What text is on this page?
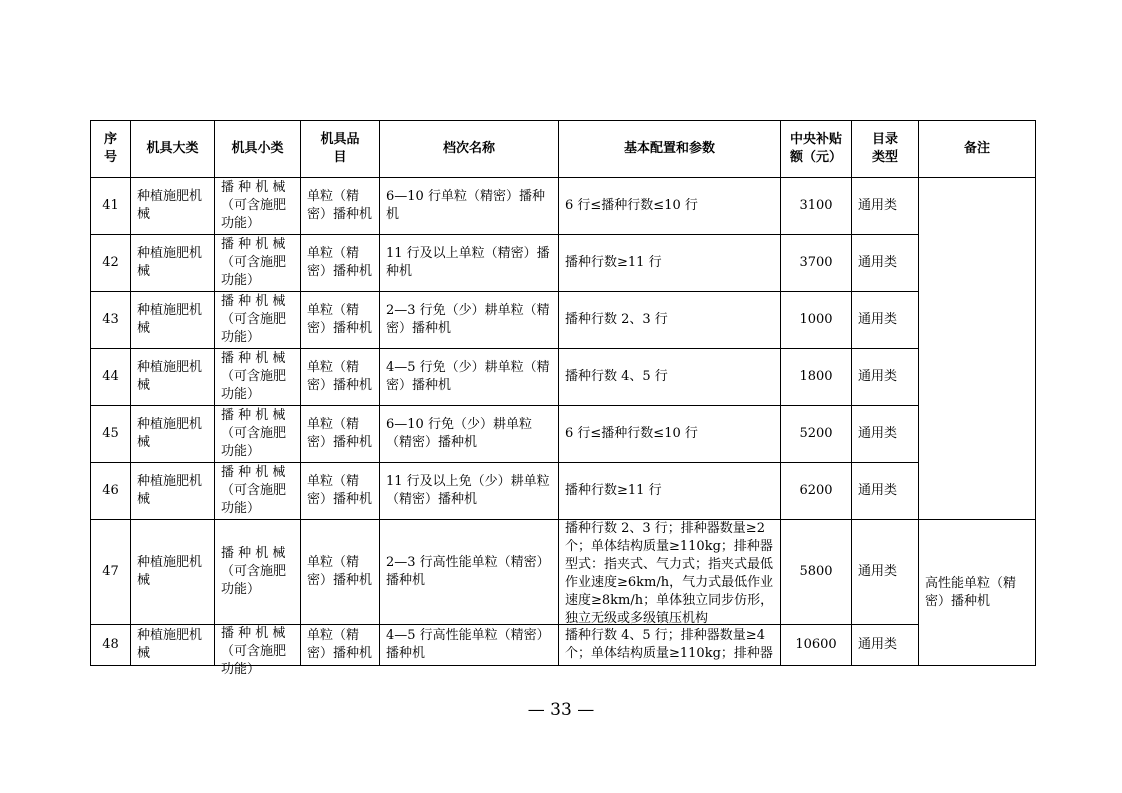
序号	机具大类	机具小类	机具品目	档次名称	基本配置和参数	中央补贴额（元）	目录类型	备注

41	种植施肥机械	播 种 机 械（可含施肥功能）	单粒（精密）播种机	6—10 行单粒（精密）播种机	6 行≤播种行数≤10 行	3100	通用类	

42	种植施肥机械	播 种 机 械（可含施肥功能）	单粒（精密）播种机	11 行及以上单粒（精密）播种机	播种行数≥11 行	3700	通用类	

43	种植施肥机械	播 种 机 械（可含施肥功能）	单粒（精密）播种机	2—3 行免（少）耕单粒（精密）播种机	播种行数 2、3 行	1000	通用类	

44	种植施肥机械	播 种 机 械（可含施肥功能）	单粒（精密）播种机	4—5 行免（少）耕单粒（精密）播种机	播种行数 4、5 行	1800	通用类	

45	种植施肥机械	播 种 机 械（可含施肥功能）	单粒（精密）播种机	6—10 行免（少）耕单粒（精密）播种机	6 行≤播种行数≤10 行	5200	通用类	

46	种植施肥机械	播 种 机 械（可含施肥功能）	单粒（精密）播种机	11 行及以上免（少）耕单粒（精密）播种机	播种行数≥11 行	6200	通用类	

47	种植施肥机械	播 种 机 械（可含施肥功能）	单粒（精密）播种机	2—3 行高性能单粒（精密）播种机	播种行数 2、3 行；排种器数量≥2 个；单体结构质量≥110kg；排种器型式：指夹式、气力式；指夹式最低作业速度≥6km/h，气力式最低作业速度≥8km/h；单体独立同步仿形，独立无级或多级镇压机构	5800	通用类	高性能单粒（精密）播种机

48	种植施肥机械	播 种 机 械（可含施肥功能）	单粒（精密）播种机	4—5 行高性能单粒（精密）播种机	播种行数 4、5 行；排种器数量≥4 个；单体结构质量≥110kg；排种器	10600	通用类	
— 33 —
